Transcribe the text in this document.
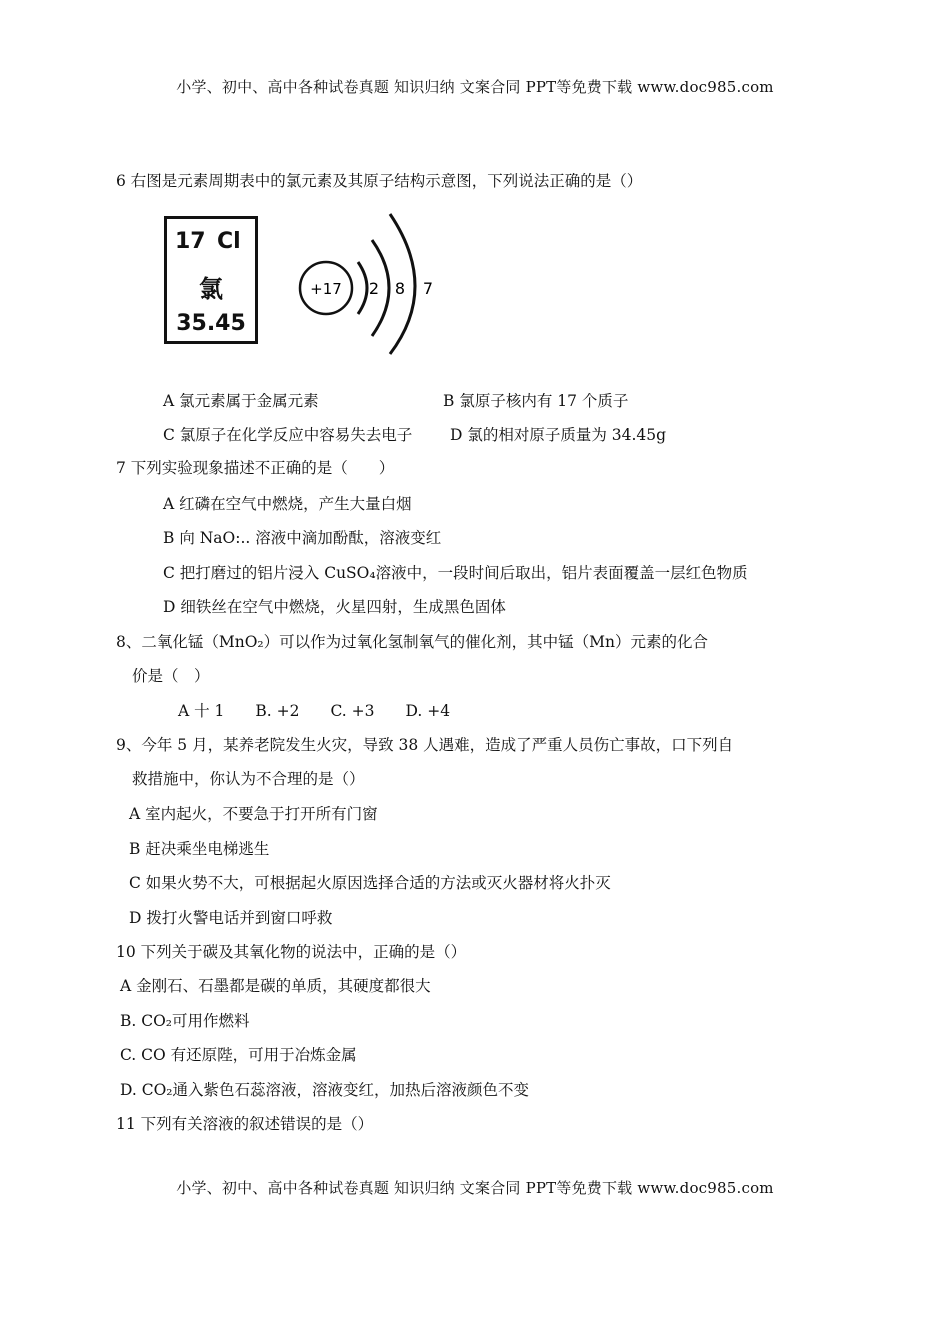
小学、初中、高中各种试卷真题 知识归纳 文案合同 PPT等免费下载 www.doc985.com
6 右图是元素周期表中的氯元素及其原子结构示意图，下列说法正确的是（）
17 Cl
氯
35.45
+17 2 8 7
A 氯元素属于金属元素	B 氯原子核内有 17 个质子
C 氯原子在化学反应中容易失去电子 D 氯的相对原子质量为 34.45g
7 下列实验现象描述不正确的是（　　）
A 红磷在空气中燃烧，产生大量白烟
B 向 NaO:.. 溶液中滴加酚酞，溶液变红
C 把打磨过的铝片浸入 CuSO₄溶液中，一段时间后取出，铝片表面覆盖一层红色物质
D 细铁丝在空气中燃烧，火星四射，生成黑色固体
8、二氧化锰（MnO₂）可以作为过氧化氢制氧气的催化剂，其中锰（Mn）元素的化合
价是（　）
A 十 1　　B. +2　　C. +3　　D. +4
9、今年 5 月，某养老院发生火灾，导致 38 人遇难，造成了严重人员伤亡事故，口下列自
救措施中，你认为不合理的是（）
A 室内起火，不要急于打开所有门窗
B 赶决乘坐电梯逃生
C 如果火势不大，可根据起火原因选择合适的方法或灭火器材将火扑灭
D 拨打火警电话并到窗口呼救
10 下列关于碳及其氧化物的说法中，正确的是（）
A 金刚石、石墨都是碳的单质，其硬度都很大
B. CO₂可用作燃料
C. CO 有还原陛，可用于冶炼金属
D. CO₂通入紫色石蕊溶液，溶液变红，加热后溶液颜色不变
11 下列有关溶液的叙述错误的是（）
小学、初中、高中各种试卷真题 知识归纳 文案合同 PPT等免费下载 www.doc985.com
